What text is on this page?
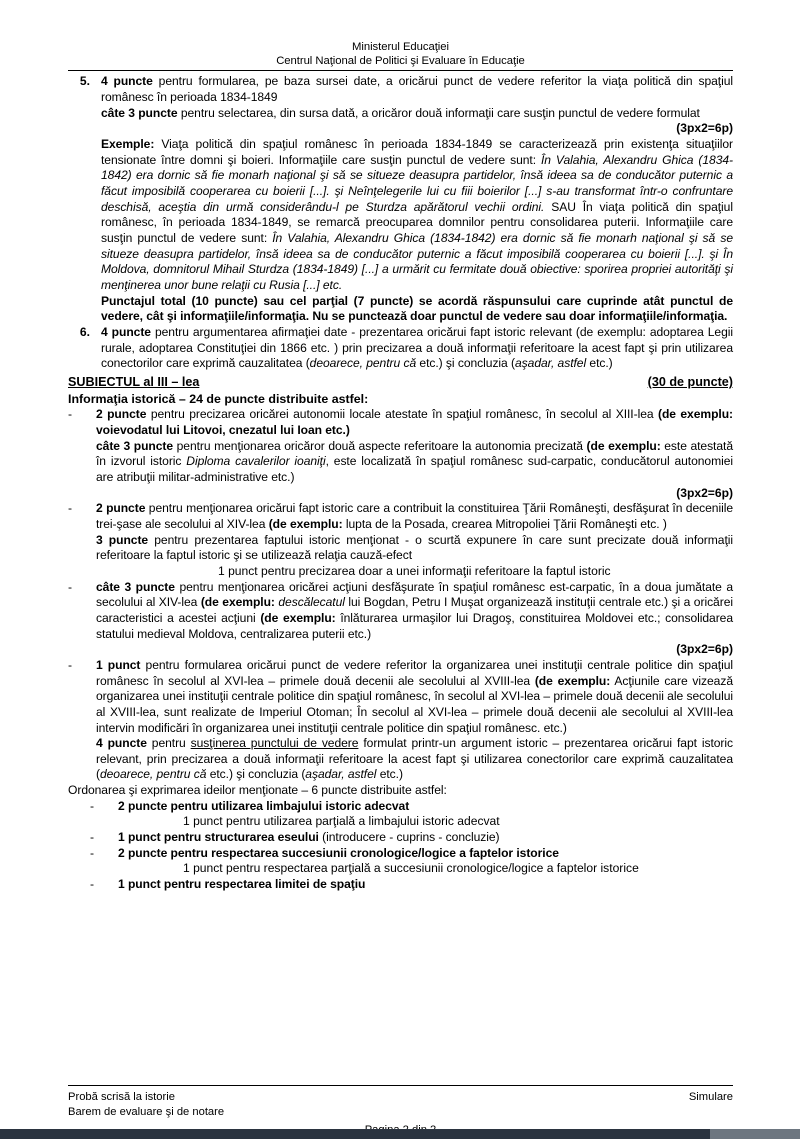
Ministerul Educaţiei
Centrul Naţional de Politici şi Evaluare în Educaţie
5. 4 puncte pentru formularea, pe baza sursei date, a oricărui punct de vedere referitor la viaţa politică din spaţiul românesc în perioada 1834-1849
câte 3 puncte pentru selectarea, din sursa dată, a oricăror două informaţii care susţin punctul de vedere formulat
(3px2=6p)
Exemple: Viaţa politică din spaţiul românesc în perioada 1834-1849 se caracterizează prin existenţa situaţiilor tensionate între domni şi boieri. Informaţiile care susţin punctul de vedere sunt: În Valahia, Alexandru Ghica (1834-1842) era dornic să fie monarh naţional şi să se situeze deasupra partidelor, însă ideea sa de conducător puternic a făcut imposibilă cooperarea cu boierii [...]. şi Neînţelegerile lui cu fiii boierilor [...] s-au transformat într-o confruntare deschisă, aceştia din urmă considerându-l pe Sturdza apărătorul vechii ordini. SAU În viaţa politică din spaţiul românesc, în perioada 1834-1849, se remarcă preocuparea domnilor pentru consolidarea puterii. Informaţiile care susţin punctul de vedere sunt: În Valahia, Alexandru Ghica (1834-1842) era dornic să fie monarh naţional şi să se situeze deasupra partidelor, însă ideea sa de conducător puternic a făcut imposibilă cooperarea cu boierii [...]. şi În Moldova, domnitorul Mihail Sturdza (1834-1849) [...] a urmărit cu fermitate două obiective: sporirea propriei autorităţi şi menţinerea unor bune relaţii cu Rusia [...] etc.
Punctajul total (10 puncte) sau cel parţial (7 puncte) se acordă răspunsului care cuprinde atât punctul de vedere, cât şi informaţiile/informaţia. Nu se punctează doar punctul de vedere sau doar informaţiile/informaţia.
6. 4 puncte pentru argumentarea afirmaţiei date - prezentarea oricărui fapt istoric relevant (de exemplu: adoptarea Legii rurale, adoptarea Constituţiei din 1866 etc. ) prin precizarea a două informaţii referitoare la acest fapt şi prin utilizarea conectorilor care exprimă cauzalitatea (deoarece, pentru că etc.) şi concluzia (aşadar, astfel etc.)
SUBIECTUL al III – lea	(30 de puncte)
Informaţia istorică – 24 de puncte distribuite astfel:
-	2 puncte pentru precizarea oricărei autonomii locale atestate în spaţiul românesc, în secolul al XIII-lea (de exemplu: voievodatul lui Litovoi, cnezatul lui Ioan etc.)
câte 3 puncte pentru menţionarea oricăror două aspecte referitoare la autonomia precizată (de exemplu: este atestată în izvorul istoric Diploma cavalerilor ioaniţi, este localizată în spaţiul românesc sud-carpatic, conducătorul autonomiei are atribuţii militar-administrative etc.)
(3px2=6p)
-	2 puncte pentru menţionarea oricărui fapt istoric care a contribuit la constituirea Ţării Româneşti, desfăşurat în deceniile trei-şase ale secolului al XIV-lea (de exemplu: lupta de la Posada, crearea Mitropoliei Ţării Româneşti etc. )
3 puncte pentru prezentarea faptului istoric menţionat - o scurtă expunere în care sunt precizate două informaţii referitoare la faptul istoric şi se utilizează relaţia cauză-efect
1 punct pentru precizarea doar a unei informaţii referitoare la faptul istoric
-	câte 3 puncte pentru menţionarea oricărei acţiuni desfăşurate în spaţiul românesc est-carpatic, în a doua jumătate a secolului al XIV-lea (de exemplu: descălecatul lui Bogdan, Petru I Muşat organizează instituţii centrale etc.) şi a oricărei caracteristici a acestei acţiuni (de exemplu: înlăturarea urmaşilor lui Dragoş, constituirea Moldovei etc.; consolidarea statului medieval Moldova, centralizarea puterii etc.)
(3px2=6p)
-	1 punct pentru formularea oricărui punct de vedere referitor la organizarea unei instituţii centrale politice din spaţiul românesc în secolul al XVI-lea – primele două decenii ale secolului al XVIII-lea (de exemplu: Acţiunile care vizează organizarea unei instituţii centrale politice din spaţiul românesc, în secolul al XVI-lea – primele două decenii ale secolului al XVIII-lea, sunt realizate de Imperiul Otoman; În secolul al XVI-lea – primele două decenii ale secolului al XVIII-lea intervin modificări în organizarea unei instituţii centrale politice din spaţiul românesc. etc.)
4 puncte pentru susţinerea punctului de vedere formulat printr-un argument istoric – prezentarea oricărui fapt istoric relevant, prin precizarea a două informaţii referitoare la acest fapt şi utilizarea conectorilor care exprimă cauzalitatea (deoarece, pentru că etc.) şi concluzia (aşadar, astfel etc.)
Ordonarea şi exprimarea ideilor menţionate – 6 puncte distribuite astfel:
-	2 puncte pentru utilizarea limbajului istoric adecvat
1 punct pentru utilizarea parţială a limbajului istoric adecvat
-	1 punct pentru structurarea eseului (introducere - cuprins - concluzie)
-	2 puncte pentru respectarea succesiunii cronologice/logice a faptelor istorice
1 punct pentru respectarea parţială a succesiunii cronologice/logice a faptelor istorice
-	1 punct pentru respectarea limitei de spaţiu
Probă scrisă la istorie	Simulare
Barem de evaluare şi de notare
